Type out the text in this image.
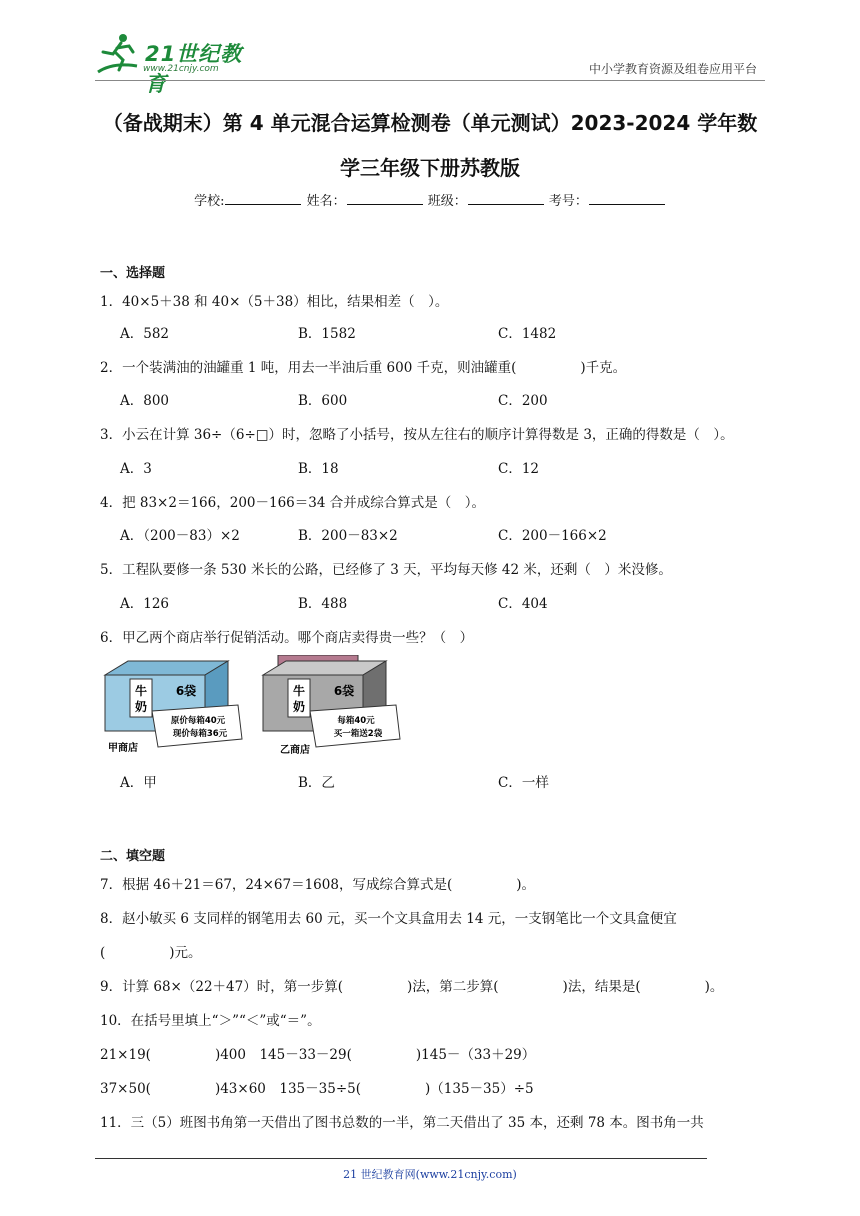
21世纪教育
www.21cnjy.com	中小学教育资源及组卷应用平台
（备战期末）第 4 单元混合运算检测卷（单元测试）2023-2024 学年数
学三年级下册苏教版
学校:	姓名：	班级：	考号：
一、选择题
1．40×5＋38 和 40×（5＋38）相比，结果相差（　）。
A．582	B．1582	C．1482
2．一个装满油的油罐重 1 吨，用去一半油后重 600 千克，则油罐重(	)千克。
A．800	B．600	C．200
3．小云在计算 36÷（6÷□）时，忽略了小括号，按从左往右的顺序计算得数是 3，正确的得数是（　）。
A．3	B．18	C．12
4．把 83×2＝166，200－166＝34 合并成综合算式是（　）。
A．（200－83）×2	B．200－83×2	C．200－166×2
5．工程队要修一条 530 米长的公路，已经修了 3 天，平均每天修 42 米，还剩（　）米没修。
A．126	B．488	C．404
6．甲乙两个商店举行促销活动。哪个商店卖得贵一些？（　）
牛
奶
6袋
原价每箱40元
现价每箱36元
甲商店
牛
奶
6袋
每箱40元
买一箱送2袋
乙商店
A．甲	B．乙	C．一样
二、填空题
7．根据 46＋21＝67，24×67＝1608，写成综合算式是(	)。
8．赵小敏买 6 支同样的钢笔用去 60 元，买一个文具盒用去 14 元，一支钢笔比一个文具盒便宜
(	)元。
9．计算 68×（22＋47）时，第一步算(	)法，第二步算(	)法，结果是(	)。
10．在括号里填上“＞”“＜”或“＝”。
21×19(	)400　145－33－29(	)145－（33＋29）
37×50(	)43×60　135－35÷5(	)（135－35）÷5
11．三（5）班图书角第一天借出了图书总数的一半，第二天借出了 35 本，还剩 78 本。图书角一共
21 世纪教育网(www.21cnjy.com)
